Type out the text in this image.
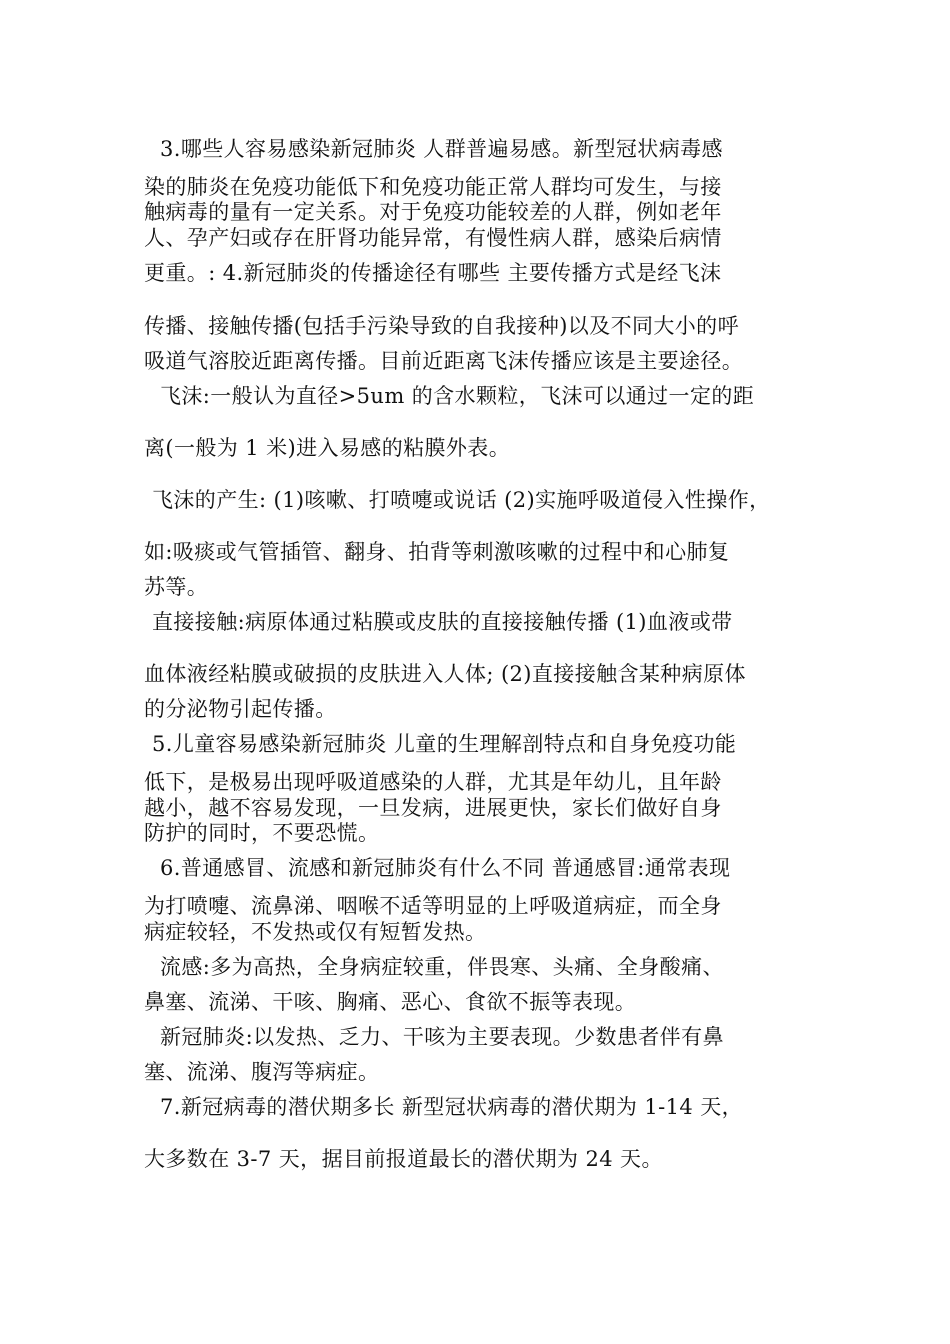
3.哪些人容易感染新冠肺炎 人群普遍易感。新型冠状病毒感
染的肺炎在免疫功能低下和免疫功能正常人群均可发生，与接
触病毒的量有一定关系。对于免疫功能较差的人群，例如老年
人、孕产妇或存在肝肾功能异常，有慢性病人群，感染后病情
更重。: 4.新冠肺炎的传播途径有哪些 主要传播方式是经飞沫
传播、接触传播(包括手污染导致的自我接种)以及不同大小的呼
吸道气溶胶近距离传播。目前近距离飞沫传播应该是主要途径。
飞沫:一般认为直径>5um 的含水颗粒，飞沫可以通过一定的距
离(一般为 1 米)进入易感的粘膜外表。
飞沫的产生: (1)咳嗽、打喷嚏或说话 (2)实施呼吸道侵入性操作，
如:吸痰或气管插管、翻身、拍背等刺激咳嗽的过程中和心肺复
苏等。
直接接触:病原体通过粘膜或皮肤的直接接触传播 (1)血液或带
血体液经粘膜或破损的皮肤进入人体; (2)直接接触含某种病原体
的分泌物引起传播。
5.儿童容易感染新冠肺炎 儿童的生理解剖特点和自身免疫功能
低下，是极易出现呼吸道感染的人群，尤其是年幼儿，且年龄
越小，越不容易发现，一旦发病，进展更快，家长们做好自身
防护的同时，不要恐慌。
6.普通感冒、流感和新冠肺炎有什么不同 普通感冒:通常表现
为打喷嚏、流鼻涕、咽喉不适等明显的上呼吸道病症，而全身
病症较轻，不发热或仅有短暂发热。
流感:多为高热，全身病症较重，伴畏寒、头痛、全身酸痛、
鼻塞、流涕、干咳、胸痛、恶心、食欲不振等表现。
新冠肺炎:以发热、乏力、干咳为主要表现。少数患者伴有鼻
塞、流涕、腹泻等病症。
7.新冠病毒的潜伏期多长 新型冠状病毒的潜伏期为 1-14 天，
大多数在 3-7 天，据目前报道最长的潜伏期为 24 天。
